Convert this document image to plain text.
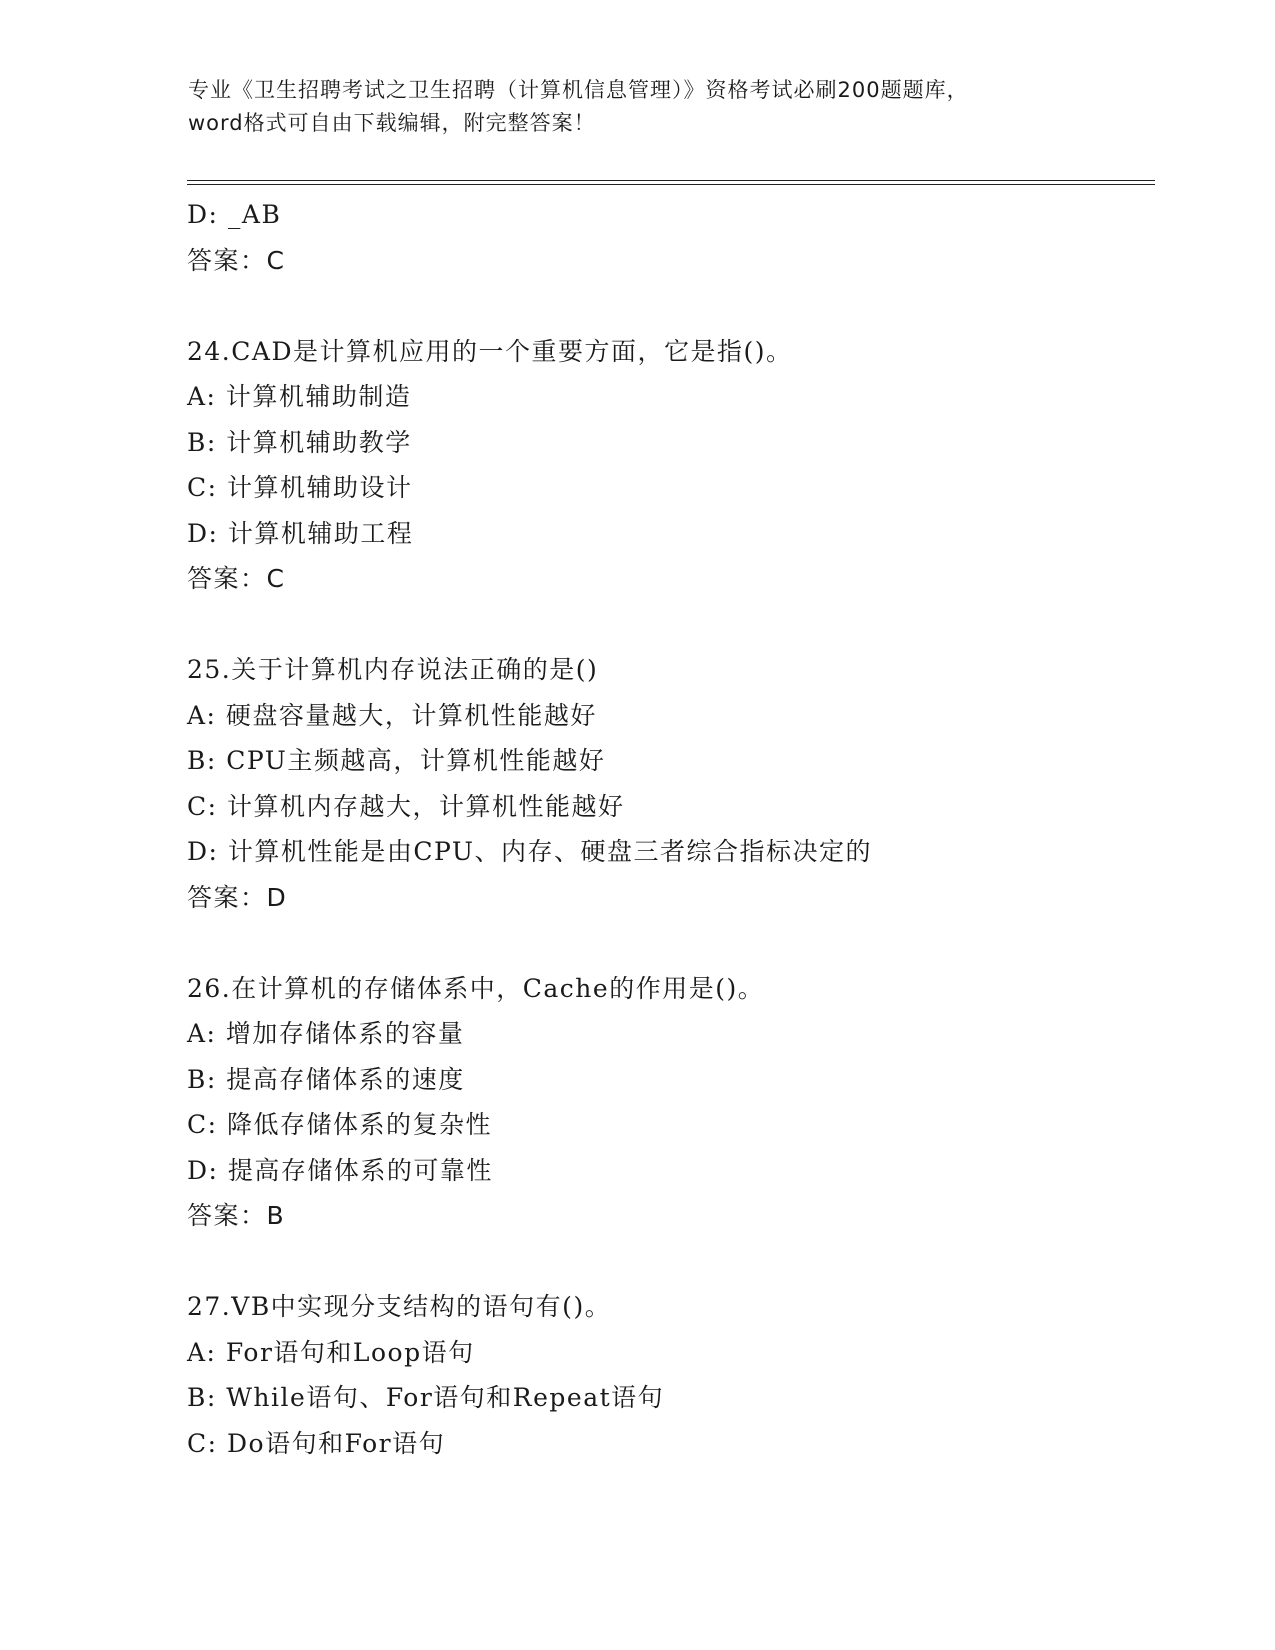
专业《卫生招聘考试之卫生招聘（计算机信息管理）》资格考试必刷200题题库，
word格式可自由下载编辑，附完整答案！
D: _AB
答案：C
24.CAD是计算机应用的一个重要方面，它是指()。
A: 计算机辅助制造
B: 计算机辅助教学
C: 计算机辅助设计
D: 计算机辅助工程
答案：C
25.关于计算机内存说法正确的是()
A: 硬盘容量越大，计算机性能越好
B: CPU主频越高，计算机性能越好
C: 计算机内存越大，计算机性能越好
D: 计算机性能是由CPU、内存、硬盘三者综合指标决定的
答案：D
26.在计算机的存储体系中，Cache的作用是()。
A: 增加存储体系的容量
B: 提高存储体系的速度
C: 降低存储体系的复杂性
D: 提高存储体系的可靠性
答案：B
27.VB中实现分支结构的语句有()。
A: For语句和Loop语句
B: While语句、For语句和Repeat语句
C: Do语句和For语句
